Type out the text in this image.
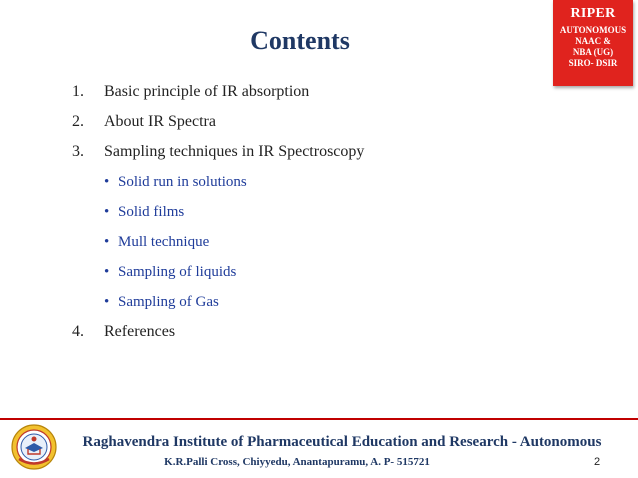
Contents
RIPER
AUTONOMOUS
NAAC &
NBA (UG)
SIRO- DSIR
1.	Basic principle of IR absorption
2.	About IR Spectra
3.	Sampling techniques in IR Spectroscopy
• Solid run in solutions
• Solid films
• Mull technique
• Sampling of liquids
• Sampling of Gas
4.	References
Raghavendra Institute of Pharmaceutical Education and Research - Autonomous
K.R.Palli Cross, Chiyyedu, Anantapuramu, A. P- 515721	2
